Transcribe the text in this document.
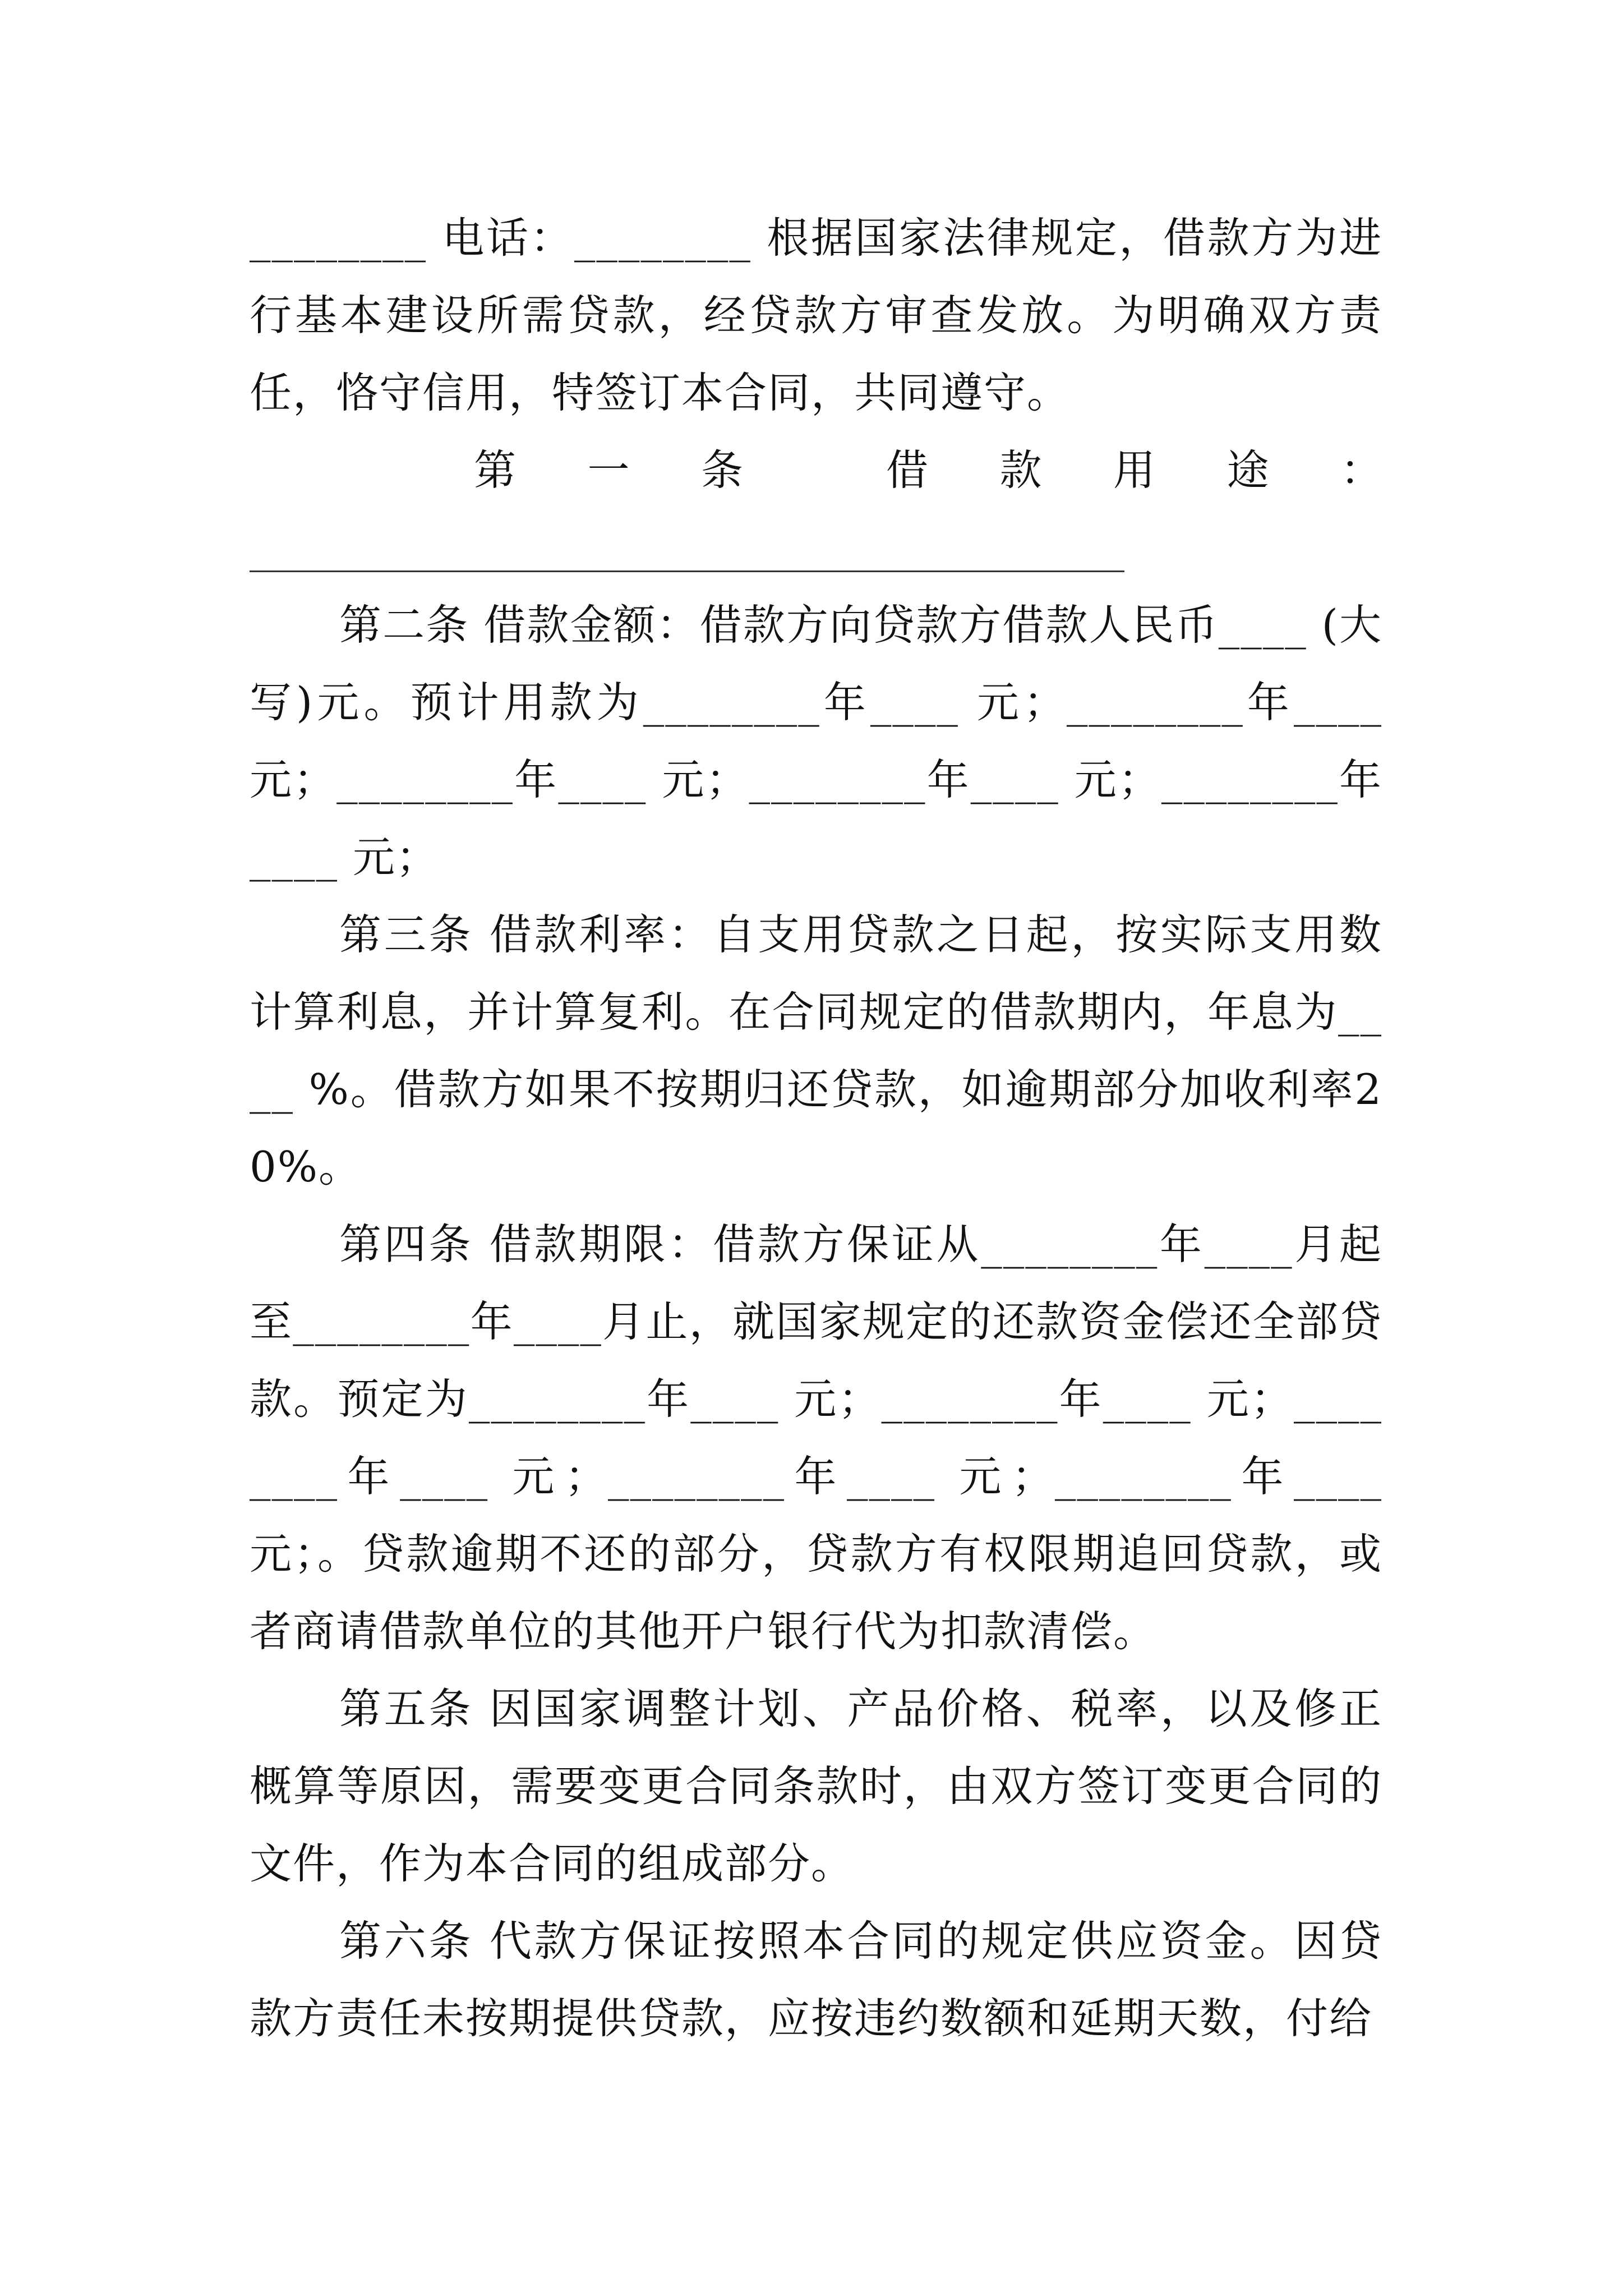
________ 电话：________ 根据国家法律规定，借款方为进行基本建设所需贷款，经贷款方审查发放。为明确双方责任，恪守信用，特签订本合同，共同遵守。

第 一 条	借 款 用 途 ：

第二条 借款金额：借款方向贷款方借款人民币____ (大写)元。预计用款为________年____ 元；________年____元；________年____ 元；________年____ 元；________年____ 元；

第三条 借款利率：自支用贷款之日起，按实际支用数计算利息，并计算复利。在合同规定的借款期内，年息为____ %。借款方如果不按期归还贷款，如逾期部分加收利率20%。

第四条 借款期限：借款方保证从________年____月起至________年____月止，就国家规定的还款资金偿还全部贷款。预定为________年____ 元；________年____ 元；________年____ 元；________年____ 元；________年____元；。贷款逾期不还的部分，贷款方有权限期追回贷款，或者商请借款单位的其他开户银行代为扣款清偿。

第五条 因国家调整计划、产品价格、税率，以及修正概算等原因，需要变更合同条款时，由双方签订变更合同的文件，作为本合同的组成部分。

第六条 代款方保证按照本合同的规定供应资金。因贷款方责任未按期提供贷款，应按违约数额和延期天数，付给
